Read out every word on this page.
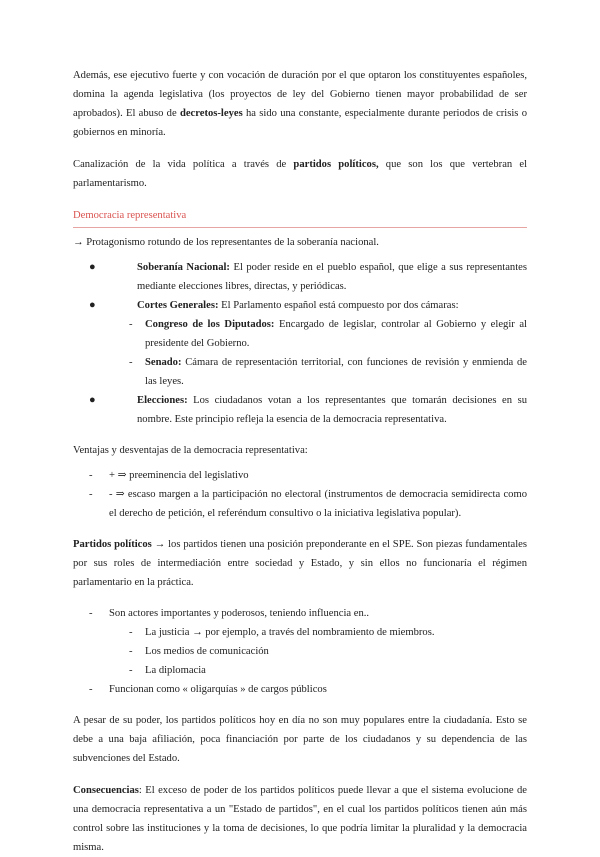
Además, ese ejecutivo fuerte y con vocación de duración por el que optaron los constituyentes españoles, domina la agenda legislativa (los proyectos de ley del Gobierno tienen mayor probabilidad de ser aprobados). El abuso de decretos-leyes ha sido una constante, especialmente durante periodos de crisis o gobiernos en minoría.

Canalización de la vida política a través de partidos políticos, que son los que vertebran el parlamentarismo.

Democracia representativa

→ Protagonismo rotundo de los representantes de la soberanía nacional.

●	Soberanía Nacional: El poder reside en el pueblo español, que elige a sus representantes mediante elecciones libres, directas, y periódicas.

●	Cortes Generales: El Parlamento español está compuesto por dos cámaras:

- Congreso de los Diputados: Encargado de legislar, controlar al Gobierno y elegir al presidente del Gobierno.

- Senado: Cámara de representación territorial, con funciones de revisión y enmienda de las leyes.

●	Elecciones: Los ciudadanos votan a los representantes que tomarán decisiones en su nombre. Este principio refleja la esencia de la democracia representativa.

Ventajas y desventajas de la democracia representativa:

- + ⇒ preeminencia del legislativo

- - ⇒ escaso margen a la participación no electoral (instrumentos de democracia semidirecta como el derecho de petición, el referéndum consultivo o la iniciativa legislativa popular).

Partidos políticos → los partidos tienen una posición preponderante en el SPE. Son piezas fundamentales por sus roles de intermediación entre sociedad y Estado, y sin ellos no funcionaría el régimen parlamentario en la práctica.

- Son actores importantes y poderosos, teniendo influencia en..

- La justicia → por ejemplo, a través del nombramiento de miembros.

- Los medios de comunicación

- La diplomacia

- Funcionan como « oligarquías » de cargos públicos

A pesar de su poder, los partidos políticos hoy en día no son muy populares entre la ciudadanía. Esto se debe a una baja afiliación, poca financiación por parte de los ciudadanos y su dependencia de las subvenciones del Estado.

Consecuencias: El exceso de poder de los partidos políticos puede llevar a que el sistema evolucione de una democracia representativa a un "Estado de partidos", en el cual los partidos políticos tienen aún más control sobre las instituciones y la toma de decisiones, lo que podría limitar la pluralidad y la democracia misma.
